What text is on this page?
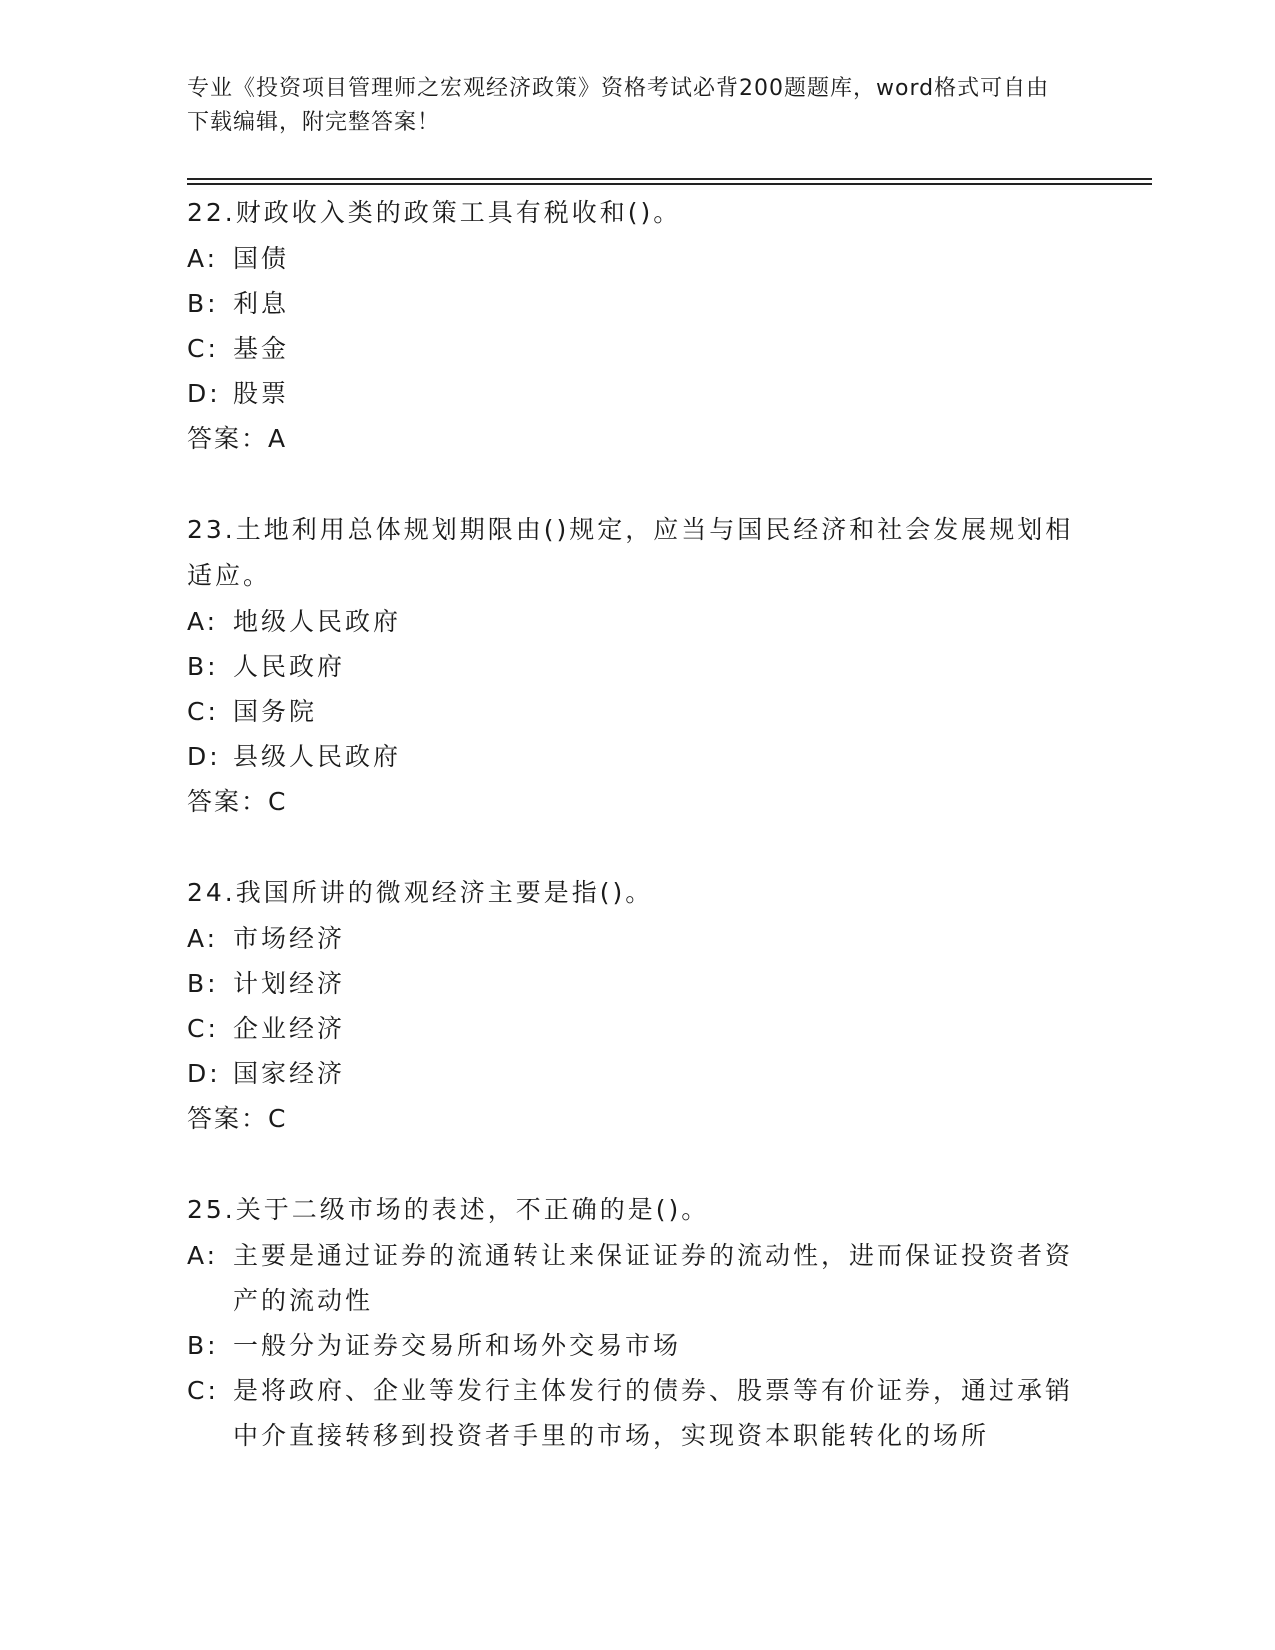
专业《投资项目管理师之宏观经济政策》资格考试必背200题题库，word格式可自由下载编辑，附完整答案！
22.财政收入类的政策工具有税收和()。
A: 国债
B: 利息
C: 基金
D: 股票
答案：A
23.土地利用总体规划期限由()规定，应当与国民经济和社会发展规划相适应。
A: 地级人民政府
B: 人民政府
C: 国务院
D: 县级人民政府
答案：C
24.我国所讲的微观经济主要是指()。
A: 市场经济
B: 计划经济
C: 企业经济
D: 国家经济
答案：C
25.关于二级市场的表述，不正确的是()。
A: 主要是通过证券的流通转让来保证证券的流动性，进而保证投资者资产的流动性
B: 一般分为证券交易所和场外交易市场
C: 是将政府、企业等发行主体发行的债券、股票等有价证券，通过承销中介直接转移到投资者手里的市场，实现资本职能转化的场所
